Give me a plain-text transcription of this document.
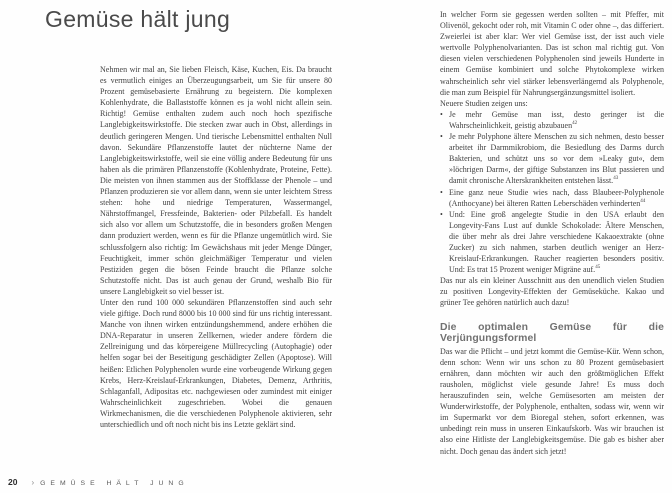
Gemüse hält jung

Nehmen wir mal an, Sie lieben Fleisch, Käse, Kuchen, Eis. Da braucht es vermutlich einiges an Überzeugungsarbeit, um Sie für unsere 80 Prozent gemüsebasierte Ernährung zu begeistern. Die komplexen Kohlenhydrate, die Ballaststoffe können es ja wohl nicht allein sein. Richtig! Gemüse enthalten zudem auch noch hoch spezifische Langlebigkeitswirkstoffe. Die stecken zwar auch in Obst, allerdings in deutlich geringeren Mengen. Und tierische Lebensmittel enthalten Null davon. Sekundäre Pflanzenstoffe lautet der nüchterne Name der Langlebigkeitswirkstoffe, weil sie eine völlig andere Bedeutung für uns haben als die primären Pflanzenstoffe (Kohlenhydrate, Proteine, Fette). Die meisten von ihnen stammen aus der Stoffklasse der Phenole – und Pflanzen produzieren sie vor allem dann, wenn sie unter leichtem Stress stehen: hohe und niedrige Temperaturen, Wassermangel, Nährstoffmangel, Fressfeinde, Bakterien- oder Pilzbefall. Es handelt sich also vor allem um Schutzstoffe, die in besonders großen Mengen dann produziert werden, wenn es für die Pflanze ungemütlich wird. Sie schlussfolgern also richtig: Im Gewächshaus mit jeder Menge Dünger, Feuchtigkeit, immer schön gleichmäßiger Temperatur und vielen Pestiziden gegen die bösen Feinde braucht die Pflanze solche Schutzstoffe nicht. Das ist auch genau der Grund, weshalb Bio für unsere Langlebigkeit so viel besser ist.

Unter den rund 100 000 sekundären Pflanzenstoffen sind auch sehr viele giftige. Doch rund 8000 bis 10 000 sind für uns richtig interessant. Manche von ihnen wirken entzündungshemmend, andere erhöhen die DNA-Reparatur in unseren Zellkernen, wieder andere fördern die Zellreinigung und das körpereigene Müllrecycling (Autophagie) oder helfen sogar bei der Beseitigung geschädigter Zellen (Apoptose). Will heißen: Etlichen Polyphenolen wurde eine vorbeugende Wirkung gegen Krebs, Herz-Kreislauf-Erkrankungen, Diabetes, Demenz, Arthritis, Schlaganfall, Adipositas etc. nachgewiesen oder zumindest mit einiger Wahrscheinlichkeit zugeschrieben. Wobei die genauen Wirkmechanismen, die die verschiedenen Polyphenole aktivieren, sehr unterschiedlich und oft noch nicht bis ins Letzte geklärt sind.

20 › GEMÜSE HÄLT JUNG

In welcher Form sie gegessen werden sollten – mit Pfeffer, mit Olivenöl, gekocht oder roh, mit Vitamin C oder ohne –, das differiert. Zweierlei ist aber klar: Wer viel Gemüse isst, der isst auch viele wertvolle Polyphenolvarianten. Das ist schon mal richtig gut. Von diesen vielen verschiedenen Polyphenolen sind jeweils Hunderte in einem Gemüse kombiniert und solche Phytokomplexe wirken wahrscheinlich sehr viel stärker lebensverlängernd als Polyphenole, die man zum Beispiel für Nahrungsergänzungsmittel isoliert.

Neuere Studien zeigen uns:

• Je mehr Gemüse man isst, desto geringer ist die Wahrscheinlichkeit, geistig abzubauen$^{42}$
• Je mehr Polyphone ältere Menschen zu sich nehmen, desto besser arbeitet ihr Darmmikrobiom, die Besiedlung des Darms durch Bakterien, und schützt uns so vor dem »Leaky gut«, dem »löchrigen Darm«, der giftige Substanzen ins Blut passieren und damit chronische Alterskrankheiten entstehen lässt.$^{43}$
• Eine ganz neue Studie wies nach, dass Blaubeer-Polyphenole (Anthocyane) bei älteren Ratten Leberschäden verhinderten$^{44}$
• Und: Eine groß angelegte Studie in den USA erlaubt den Longevity-Fans Lust auf dunkle Schokolade: Ältere Menschen, die über mehr als drei Jahre verschiedene Kakaoextrakte (ohne Zucker) zu sich nahmen, starben deutlich weniger an Herz-Kreislauf-Erkrankungen. Raucher reagierten besonders positiv. Und: Es trat 15 Prozent weniger Migräne auf.$^{45}$

Das nur als ein kleiner Ausschnitt aus den unendlich vielen Studien zu positiven Longevity-Effekten der Gemüseküche. Kakao und grüner Tee gehören natürlich auch dazu!

Die optimalen Gemüse für die Verjüngungsformel

Das war die Pflicht – und jetzt kommt die Gemüse-Kür. Wenn schon, denn schon: Wenn wir uns schon zu 80 Prozent gemüsebasiert ernähren, dann möchten wir auch den größtmöglichen Effekt rausholen, möglichst viele gesunde Jahre! Es muss doch herauszufinden sein, welche Gemüsesorten am meisten der Wunderwirkstoffe, der Polyphenole, enthalten, sodass wir, wenn wir im Supermarkt vor dem Bioregal stehen, sofort erkennen, was unbedingt rein muss in unseren Einkaufskorb. Was wir brauchen ist also eine Hitliste der Langlebigkeitsgemüse. Die gab es bisher aber nicht. Doch genau das ändert sich jetzt!
